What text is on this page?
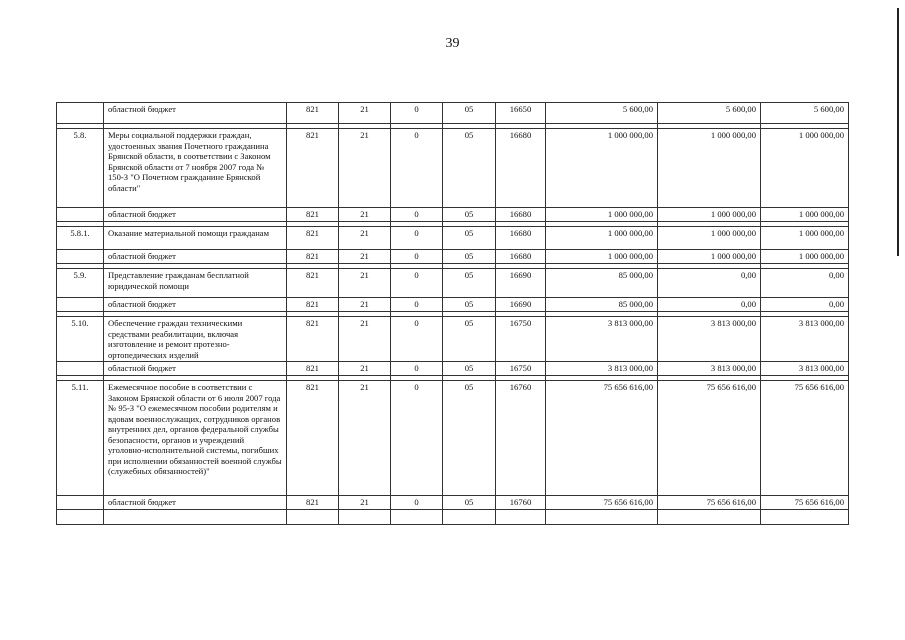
39
	областной бюджет	821	21	0	05	16650	5 600,00	5 600,00	5 600,00

5.8.	Меры социальной поддержки граждан, удостоенных звания Почетного гражданина Брянской области, в соответствии с Законом Брянской области от 7 ноября 2007 года № 150-З "О Почетном гражданине Брянской области"	821	21	0	05	16680	1 000 000,00	1 000 000,00	1 000 000,00
	областной бюджет	821	21	0	05	16680	1 000 000,00	1 000 000,00	1 000 000,00

5.8.1.	Оказание материальной помощи гражданам	821	21	0	05	16680	1 000 000,00	1 000 000,00	1 000 000,00
	областной бюджет	821	21	0	05	16680	1 000 000,00	1 000 000,00	1 000 000,00

5.9.	Представление гражданам бесплатной юридической помощи	821	21	0	05	16690	85 000,00	0,00	0,00
	областной бюджет	821	21	0	05	16690	85 000,00	0,00	0,00

5.10.	Обеспечение граждан техническими средствами реабилитации, включая изготовление и ремонт протезно-ортопедических изделий	821	21	0	05	16750	3 813 000,00	3 813 000,00	3 813 000,00
	областной бюджет	821	21	0	05	16750	3 813 000,00	3 813 000,00	3 813 000,00

5.11.	Ежемесячное пособие в соответствии с Законом Брянской области от 6 июля 2007 года № 95-З "О ежемесячном пособии родителям и вдовам военнослужащих, сотрудников органов внутренних дел, органов федеральной службы безопасности, органов и учреждений уголовно-исполнительной системы, погибших при исполнении обязанностей военной службы (служебных обязанностей)"	821	21	0	05	16760	75 656 616,00	75 656 616,00	75 656 616,00
	областной бюджет	821	21	0	05	16760	75 656 616,00	75 656 616,00	75 656 616,00
